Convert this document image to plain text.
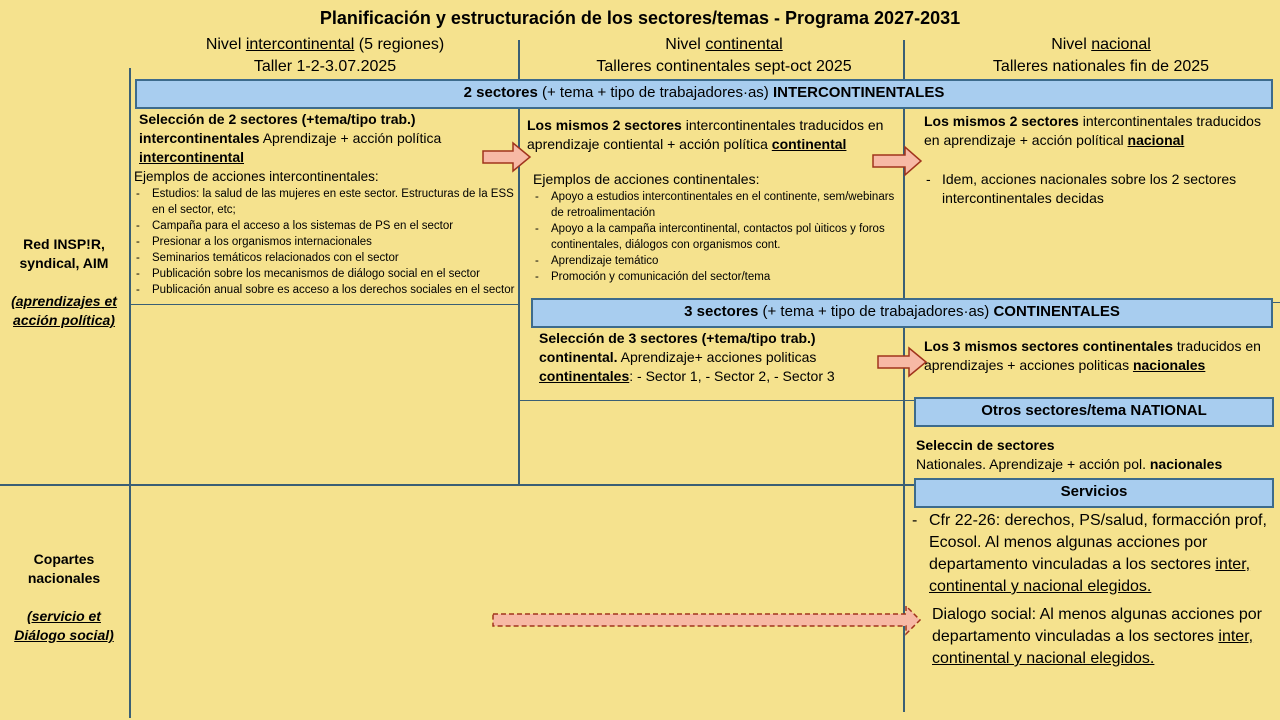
Planificación y estructuración de los sectores/temas - Programa 2027-2031
Nivel intercontinental (5 regiones)
Taller 1-2-3.07.2025
Nivel continental
Talleres continentales sept-oct 2025
Nivel nacional
Talleres nationales fin de 2025
Red INSP!R, syndical, AIM
(aprendizajes et acción política)
Copartes nacionales
(servicio et Diálogo social)
2 sectores (+ tema + tipo de trabajadores·as) INTERCONTINENTALES
3 sectores (+ tema + tipo de trabajadores·as) CONTINENTALES
Otros sectores/tema NATIONAL
Servicios
Selección de 2 sectores (+tema/tipo trab.) intercontinentales Aprendizaje + acción política intercontinental
Ejemplos de acciones intercontinentales:
- Estudios: la salud de las mujeres en este sector. Estructuras de la ESS en el sector, etc;
- Campaña para el acceso a los sistemas de PS en el sector
- Presionar a los organismos internacionales
- Seminarios temáticos relacionados con el sector
- Publicación sobre los mecanismos de diálogo social en el sector
- Publicación anual sobre es acceso a los derechos sociales en el sector
Los mismos 2 sectores intercontinentales traducidos en aprendizaje contiental + acción política continental
Ejemplos de acciones continentales:
- Apoyo a estudios intercontinentales en el continente, sem/webinars de retroalimentación
- Apoyo a la campaña intercontinental, contactos pol ùiticos y foros continentales, diálogos con organismos cont.
- Aprendizaje temático
- Promoción y comunicación del sector/tema
Los mismos 2 sectores intercontinentales traducidos en aprendizaje + acción polítical nacional
- Idem, acciones nacionales sobre los 2 sectores intercontinentales decidas
Selección de 3 sectores (+tema/tipo trab.) continental. Aprendizaje+ acciones politicas continentales: - Sector 1, - Sector 2, - Sector 3
Los 3 mismos sectores continentales traducidos en aprendizajes + acciones politicas nacionales
Seleccin de sectores
Nationales. Aprendizaje + acción pol. nacionales
- Cfr 22-26: derechos, PS/salud, formacción prof, Ecosol. Al menos algunas acciones por departamento vinculadas a los sectores inter, continental y nacional elegidos.
Dialogo social: Al menos algunas acciones por departamento vinculadas a los sectores inter, continental y nacional elegidos.
